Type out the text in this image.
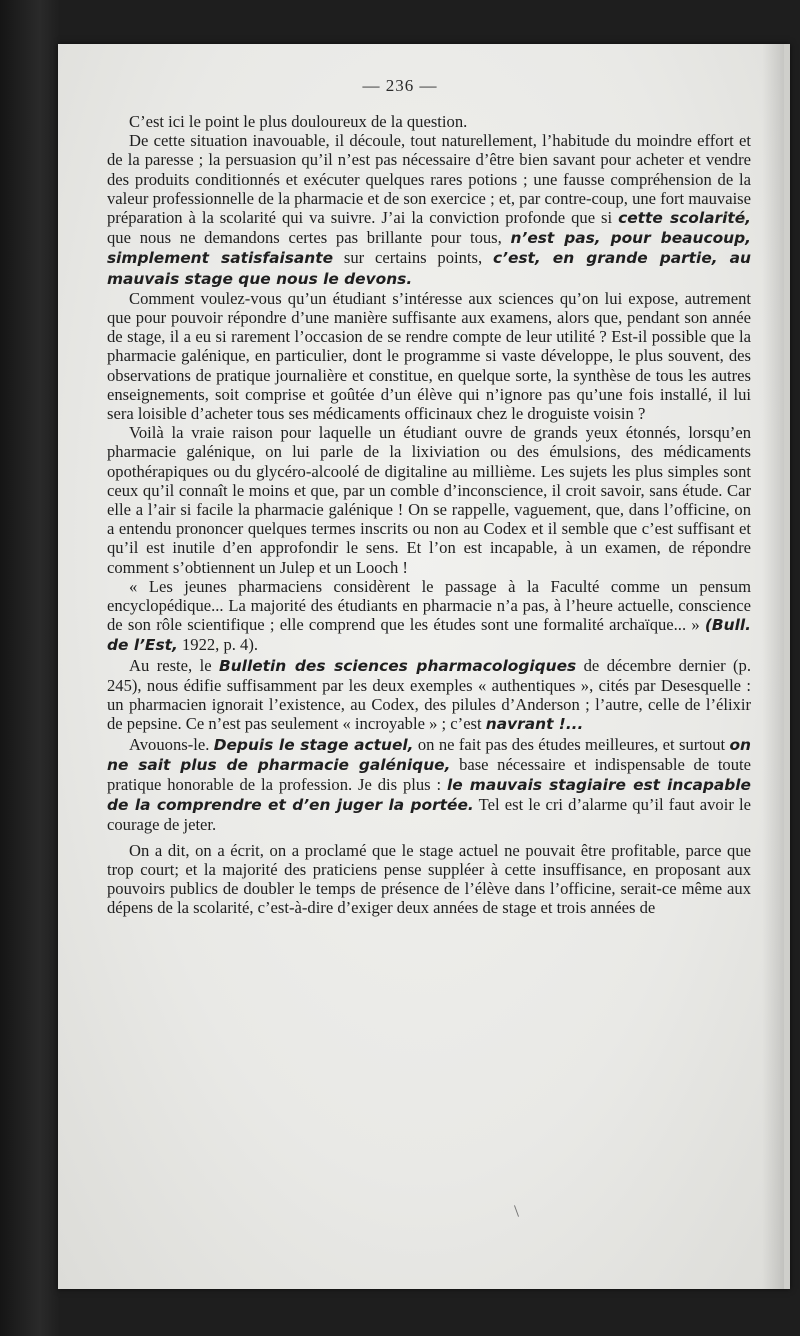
— 236 —

C’est ici le point le plus douloureux de la question.

De cette situation inavouable, il découle, tout naturellement, l’habitude du moindre effort et de la paresse ; la persuasion qu’il n’est pas nécessaire d’être bien savant pour acheter et vendre des produits conditionnés et exécuter quelques rares potions ; une fausse compréhension de la valeur professionnelle de la pharmacie et de son exercice ; et, par contre-coup, une fort mauvaise préparation à la scolarité qui va suivre. J’ai la conviction profonde que si cette scolarité, que nous ne demandons certes pas brillante pour tous, n’est pas, pour beaucoup, simplement satisfaisante sur certains points, c’est, en grande partie, au mauvais stage que nous le devons.

Comment voulez-vous qu’un étudiant s’intéresse aux sciences qu’on lui expose, autrement que pour pouvoir répondre d’une manière suffisante aux examens, alors que, pendant son année de stage, il a eu si rarement l’occasion de se rendre compte de leur utilité ? Est-il possible que la pharmacie galénique, en particulier, dont le programme si vaste développe, le plus souvent, des observations de pratique journalière et constitue, en quelque sorte, la synthèse de tous les autres enseignements, soit comprise et goûtée d’un élève qui n’ignore pas qu’une fois installé, il lui sera loisible d’acheter tous ses médicaments officinaux chez le droguiste voisin ?

Voilà la vraie raison pour laquelle un étudiant ouvre de grands yeux étonnés, lorsqu’en pharmacie galénique, on lui parle de la lixiviation ou des émulsions, des médicaments opothérapiques ou du glycéro-alcoolé de digitaline au millième. Les sujets les plus simples sont ceux qu’il connaît le moins et que, par un comble d’inconscience, il croit savoir, sans étude. Car elle a l’air si facile la pharmacie galénique ! On se rappelle, vaguement, que, dans l’officine, on a entendu prononcer quelques termes inscrits ou non au Codex et il semble que c’est suffisant et qu’il est inutile d’en approfondir le sens. Et l’on est incapable, à un examen, de répondre comment s’obtiennent un Julep et un Looch !

« Les jeunes pharmaciens considèrent le passage à la Faculté comme un pensum encyclopédique... La majorité des étudiants en pharmacie n’a pas, à l’heure actuelle, conscience de son rôle scientifique ; elle comprend que les études sont une formalité archaïque... » (Bull. de l’Est, 1922, p. 4).

Au reste, le Bulletin des sciences pharmacologiques de décembre dernier (p. 245), nous édifie suffisamment par les deux exemples « authentiques », cités par Desesquelle : un pharmacien ignorait l’existence, au Codex, des pilules d’Anderson ; l’autre, celle de l’élixir de pepsine. Ce n’est pas seulement « incroyable » ; c’est navrant !...

Avouons-le. Depuis le stage actuel, on ne fait pas des études meilleures, et surtout on ne sait plus de pharmacie galénique, base nécessaire et indispensable de toute pratique honorable de la profession. Je dis plus : le mauvais stagiaire est incapable de la comprendre et d’en juger la portée. Tel est le cri d’alarme qu’il faut avoir le courage de jeter.

On a dit, on a écrit, on a proclamé que le stage actuel ne pouvait être profitable, parce que trop court; et la majorité des praticiens pense suppléer à cette insuffisance, en proposant aux pouvoirs publics de doubler le temps de présence de l’élève dans l’officine, serait-ce même aux dépens de la scolarité, c’est-à-dire d’exiger deux années de stage et trois années de
